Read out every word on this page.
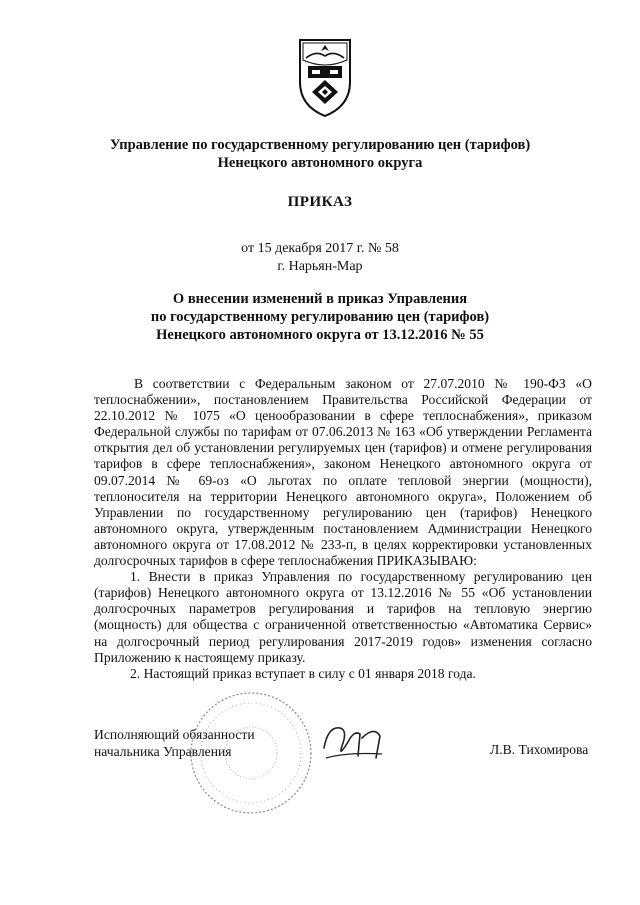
Управление по государственному регулированию цен (тарифов)
Ненецкого автономного округа
ПРИКАЗ
от 15 декабря 2017 г. № 58
г. Нарьян-Мар
О внесении изменений в приказ Управления
по государственному регулированию цен (тарифов)
Ненецкого автономного округа от 13.12.2016 № 55

В соответствии с Федеральным законом от 27.07.2010 № 190-ФЗ «О теплоснабжении», постановлением Правительства Российской Федерации от 22.10.2012 № 1075 «О ценообразовании в сфере теплоснабжения», приказом Федеральной службы по тарифам от 07.06.2013 № 163 «Об утверждении Регламента открытия дел об установлении регулируемых цен (тарифов) и отмене регулирования тарифов в сфере теплоснабжения», законом Ненецкого автономного округа от 09.07.2014 № 69-оз «О льготах по оплате тепловой энергии (мощности), теплоносителя на территории Ненецкого автономного округа», Положением об Управлении по государственному регулированию цен (тарифов) Ненецкого автономного округа, утвержденным постановлением Администрации Ненецкого автономного округа от 17.08.2012 № 233-п, в целях корректировки установленных долгосрочных тарифов в сфере теплоснабжения ПРИКАЗЫВАЮ:

1. Внести в приказ Управления по государственному регулированию цен (тарифов) Ненецкого автономного округа от 13.12.2016 № 55 «Об установлении долгосрочных параметров регулирования и тарифов на тепловую энергию (мощность) для общества с ограниченной ответственностью «Автоматика Сервис» на долгосрочный период регулирования 2017-2019 годов» изменения согласно Приложению к настоящему приказу.

2. Настоящий приказ вступает в силу с 01 января 2018 года.

Исполняющий обязанности
начальника Управления	Л.В. Тихомирова
